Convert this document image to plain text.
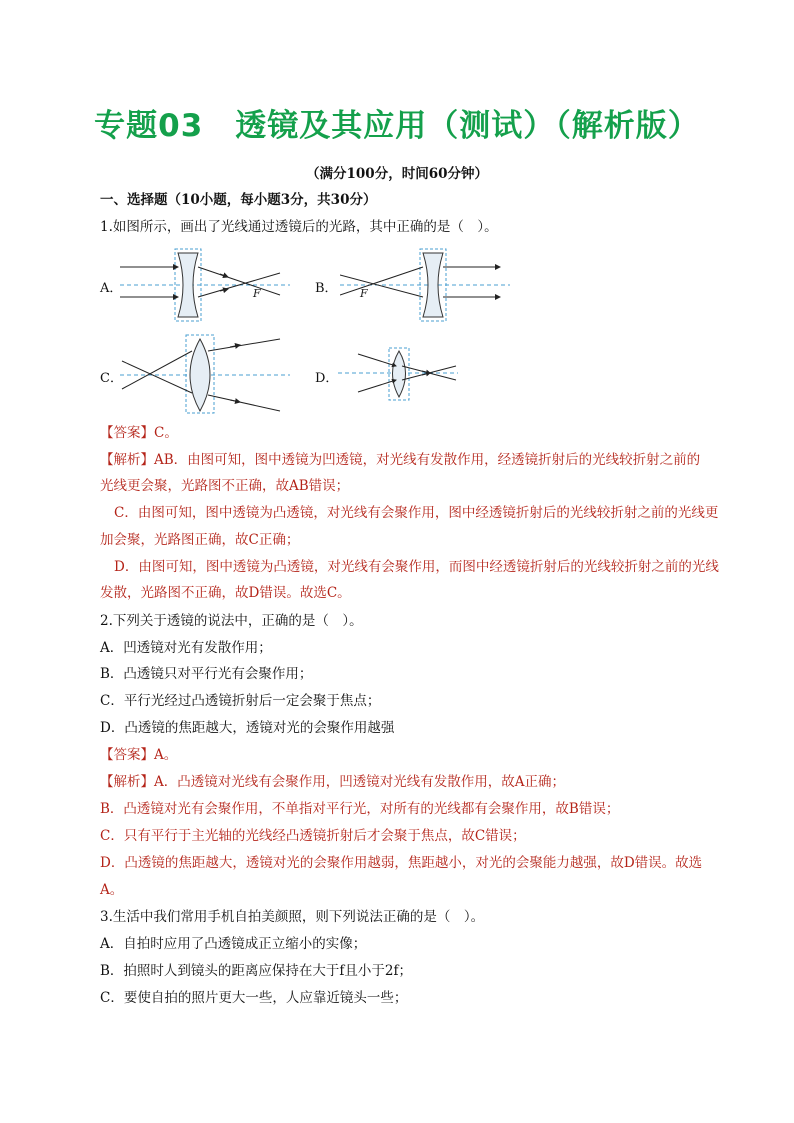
专题03　透镜及其应用（测试）（解析版）

（满分100分，时间60分钟）

一、选择题（10小题，每小题3分，共30分）

1.如图所示，画出了光线通过透镜后的光路，其中正确的是（　）。

A．	B．
C．	D．
F	F

【答案】C。

【解析】AB．由图可知，图中透镜为凹透镜，对光线有发散作用，经透镜折射后的光线较折射之前的

光线更会聚，光路图不正确，故AB错误；

C．由图可知，图中透镜为凸透镜，对光线有会聚作用，图中经透镜折射后的光线较折射之前的光线更

加会聚，光路图正确，故C正确；

D．由图可知，图中透镜为凸透镜，对光线有会聚作用，而图中经透镜折射后的光线较折射之前的光线

发散，光路图不正确，故D错误。故选C。

2.下列关于透镜的说法中，正确的是（　）。

A．凹透镜对光有发散作用；

B．凸透镜只对平行光有会聚作用；

C．平行光经过凸透镜折射后一定会聚于焦点；

D．凸透镜的焦距越大，透镜对光的会聚作用越强

【答案】A。

【解析】A．凸透镜对光线有会聚作用，凹透镜对光线有发散作用，故A正确；

B．凸透镜对光有会聚作用，不单指对平行光，对所有的光线都有会聚作用，故B错误；

C．只有平行于主光轴的光线经凸透镜折射后才会聚于焦点，故C错误；

D．凸透镜的焦距越大，透镜对光的会聚作用越弱，焦距越小，对光的会聚能力越强，故D错误。故选

A。

3.生活中我们常用手机自拍美颜照，则下列说法正确的是（　）。

A．自拍时应用了凸透镜成正立缩小的实像；

B．拍照时人到镜头的距离应保持在大于f且小于2f；

C．要使自拍的照片更大一些，人应靠近镜头一些；
